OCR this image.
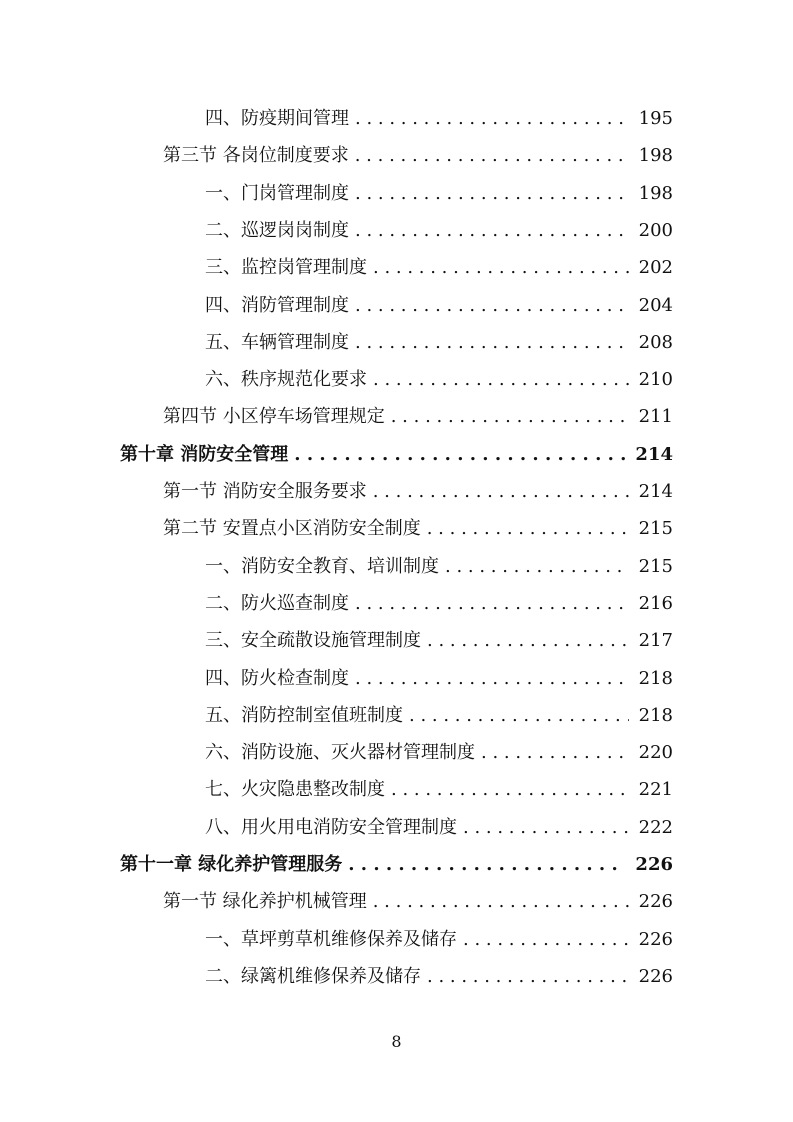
四、防疫期间管理 . . .	195
第三节 各岗位制度要求 . . .	198
一、门岗管理制度 . . .	198
二、巡逻岗岗制度 . . .	200
三、监控岗管理制度 . . .	202
四、消防管理制度 . . .	204
五、车辆管理制度 . . .	208
六、秩序规范化要求 . . .	210
第四节 小区停车场管理规定 . . .	211
第十章 消防安全管理 . . .	214
第一节 消防安全服务要求 . . .	214
第二节 安置点小区消防安全制度 . . .	215
一、消防安全教育、培训制度 . . .	215
二、防火巡查制度 . . .	216
三、安全疏散设施管理制度 . . .	217
四、防火检查制度 . . .	218
五、消防控制室值班制度 . . .	218
六、消防设施、灭火器材管理制度 . . .	220
七、火灾隐患整改制度 . . .	221
八、用火用电消防安全管理制度 . . .	222
第十一章 绿化养护管理服务 . . .	226
第一节 绿化养护机械管理 . . .	226
一、草坪剪草机维修保养及储存 . . .	226
二、绿篱机维修保养及储存 . . .	226
8
